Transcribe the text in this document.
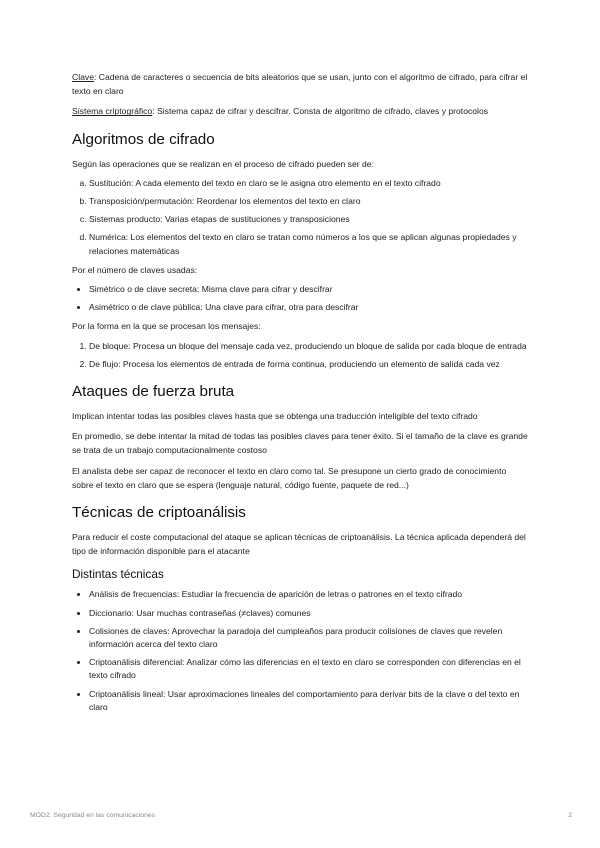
Clave: Cadena de caracteres o secuencia de bits aleatorios que se usan, junto con el algoritmo de cifrado, para cifrar el texto en claro

Sistema criptográfico: Sistema capaz de cifrar y descifrar. Consta de algoritmo de cifrado, claves y protocolos

Algoritmos de cifrado

Según las operaciones que se realizan en el proceso de cifrado pueden ser de:

a. Sustitución: A cada elemento del texto en claro se le asigna otro elemento en el texto cifrado
b. Transposición/permutación: Reordenar los elementos del texto en claro
c. Sistemas producto: Varias etapas de sustituciones y transposiciones
d. Numérica: Los elementos del texto en claro se tratan como números a los que se aplican algunas propiedades y relaciones matemáticas

Por el número de claves usadas:

• Simétrico o de clave secreta: Misma clave para cifrar y descifrar
• Asimétrico o de clave pública: Una clave para cifrar, otra para descifrar

Por la forma en la que se procesan los mensajes:

1. De bloque: Procesa un bloque del mensaje cada vez, produciendo un bloque de salida por cada bloque de entrada
2. De flujo: Procesa los elementos de entrada de forma continua, produciendo un elemento de salida cada vez
Ataques de fuerza bruta

Implican intentar todas las posibles claves hasta que se obtenga una traducción inteligible del texto cifrado

En promedio, se debe intentar la mitad de todas las posibles claves para tener éxito. Si el tamaño de la clave es grande se trata de un trabajo computacionalmente costoso

El analista debe ser capaz de reconocer el texto en claro como tal. Se presupone un cierto grado de conocimiento sobre el texto en claro que se espera (lenguaje natural, código fuente, paquete de red...)

Técnicas de criptoanálisis

Para reducir el coste computacional del ataque se aplican técnicas de criptoanálisis. La técnica aplicada dependerá del tipo de información disponible para el atacante

Distintas técnicas
• Análisis de frecuencias: Estudiar la frecuencia de aparición de letras o patrones en el texto cifrado
• Diccionario: Usar muchas contraseñas (≠claves) comunes
• Colisiones de claves: Aprovechar la paradoja del cumpleaños para producir colisiones de claves que revelen información acerca del texto claro
• Criptoanálisis diferencial: Analizar cómo las diferencias en el texto en claro se corresponden con diferencias en el texto cifrado
• Criptoanálisis lineal: Usar aproximaciones lineales del comportamiento para derivar bits de la clave o del texto en claro
MOD2. Seguridad en las comunicaciones	2
